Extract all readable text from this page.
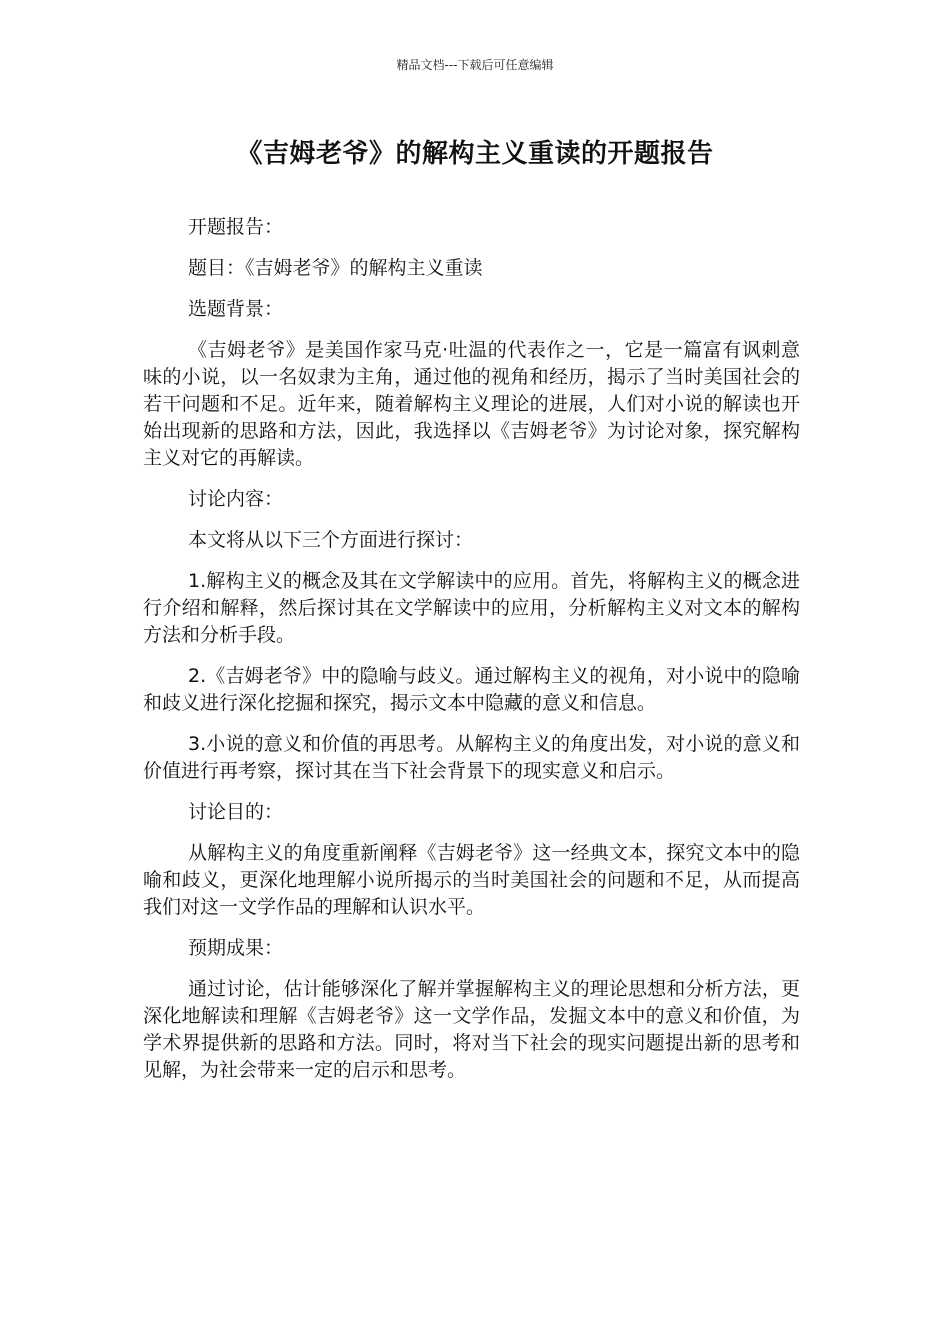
精品文档---下载后可任意编辑
《吉姆老爷》的解构主义重读的开题报告

开题报告：

题目：《吉姆老爷》的解构主义重读

选题背景：

《吉姆老爷》是美国作家马克·吐温的代表作之一，它是一篇富有讽刺意味的小说，以一名奴隶为主角，通过他的视角和经历，揭示了当时美国社会的若干问题和不足。近年来，随着解构主义理论的进展，人们对小说的解读也开始出现新的思路和方法，因此，我选择以《吉姆老爷》为讨论对象，探究解构主义对它的再解读。

讨论内容：

本文将从以下三个方面进行探讨：

1.解构主义的概念及其在文学解读中的应用。首先，将解构主义的概念进行介绍和解释，然后探讨其在文学解读中的应用，分析解构主义对文本的解构方法和分析手段。

2.《吉姆老爷》中的隐喻与歧义。通过解构主义的视角，对小说中的隐喻和歧义进行深化挖掘和探究，揭示文本中隐藏的意义和信息。

3.小说的意义和价值的再思考。从解构主义的角度出发，对小说的意义和价值进行再考察，探讨其在当下社会背景下的现实意义和启示。

讨论目的：

从解构主义的角度重新阐释《吉姆老爷》这一经典文本，探究文本中的隐喻和歧义，更深化地理解小说所揭示的当时美国社会的问题和不足，从而提高我们对这一文学作品的理解和认识水平。

预期成果：

通过讨论，估计能够深化了解并掌握解构主义的理论思想和分析方法，更深化地解读和理解《吉姆老爷》这一文学作品，发掘文本中的意义和价值，为学术界提供新的思路和方法。同时，将对当下社会的现实问题提出新的思考和见解，为社会带来一定的启示和思考。
